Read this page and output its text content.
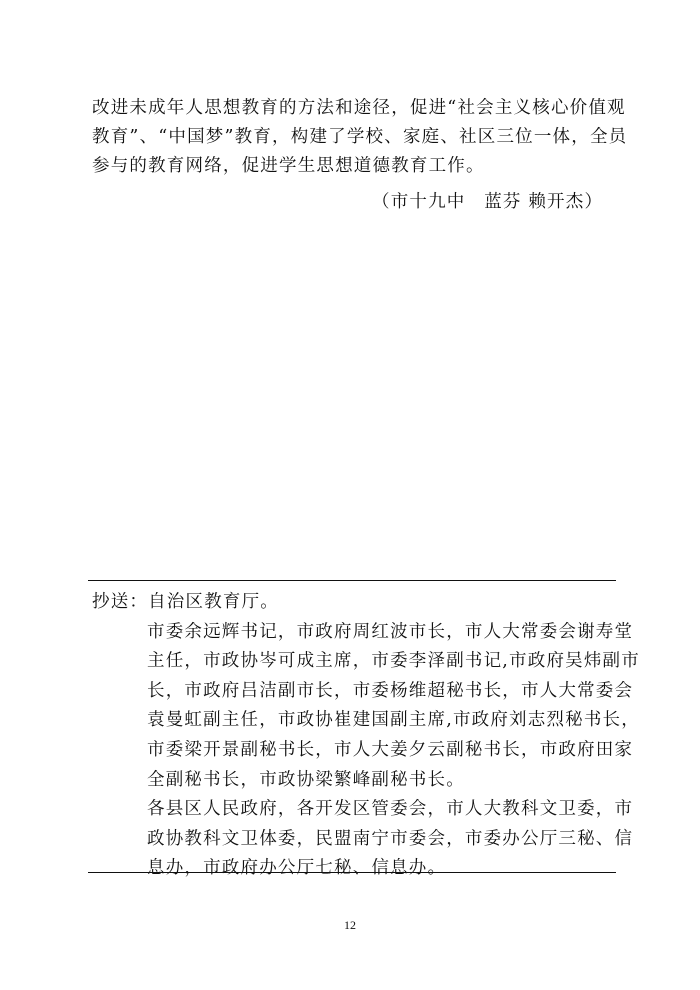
改进未成年人思想教育的方法和途径，促进“社会主义核心价值观
教育”、“中国梦”教育，构建了学校、家庭、社区三位一体，全员
参与的教育网络，促进学生思想道德教育工作。
（市十九中　蓝芬 赖开杰）
抄送：自治区教育厅。
市委余远辉书记，市政府周红波市长，市人大常委会谢寿堂
主任，市政协岑可成主席，市委李泽副书记,市政府吴炜副市
长，市政府吕洁副市长，市委杨维超秘书长，市人大常委会
袁曼虹副主任，市政协崔建国副主席,市政府刘志烈秘书长，
市委梁开景副秘书长，市人大姜夕云副秘书长，市政府田家
全副秘书长，市政协梁繁峰副秘书长。
各县区人民政府，各开发区管委会，市人大教科文卫委，市
政协教科文卫体委，民盟南宁市委会，市委办公厅三秘、信
息办，市政府办公厅七秘、信息办。
12
